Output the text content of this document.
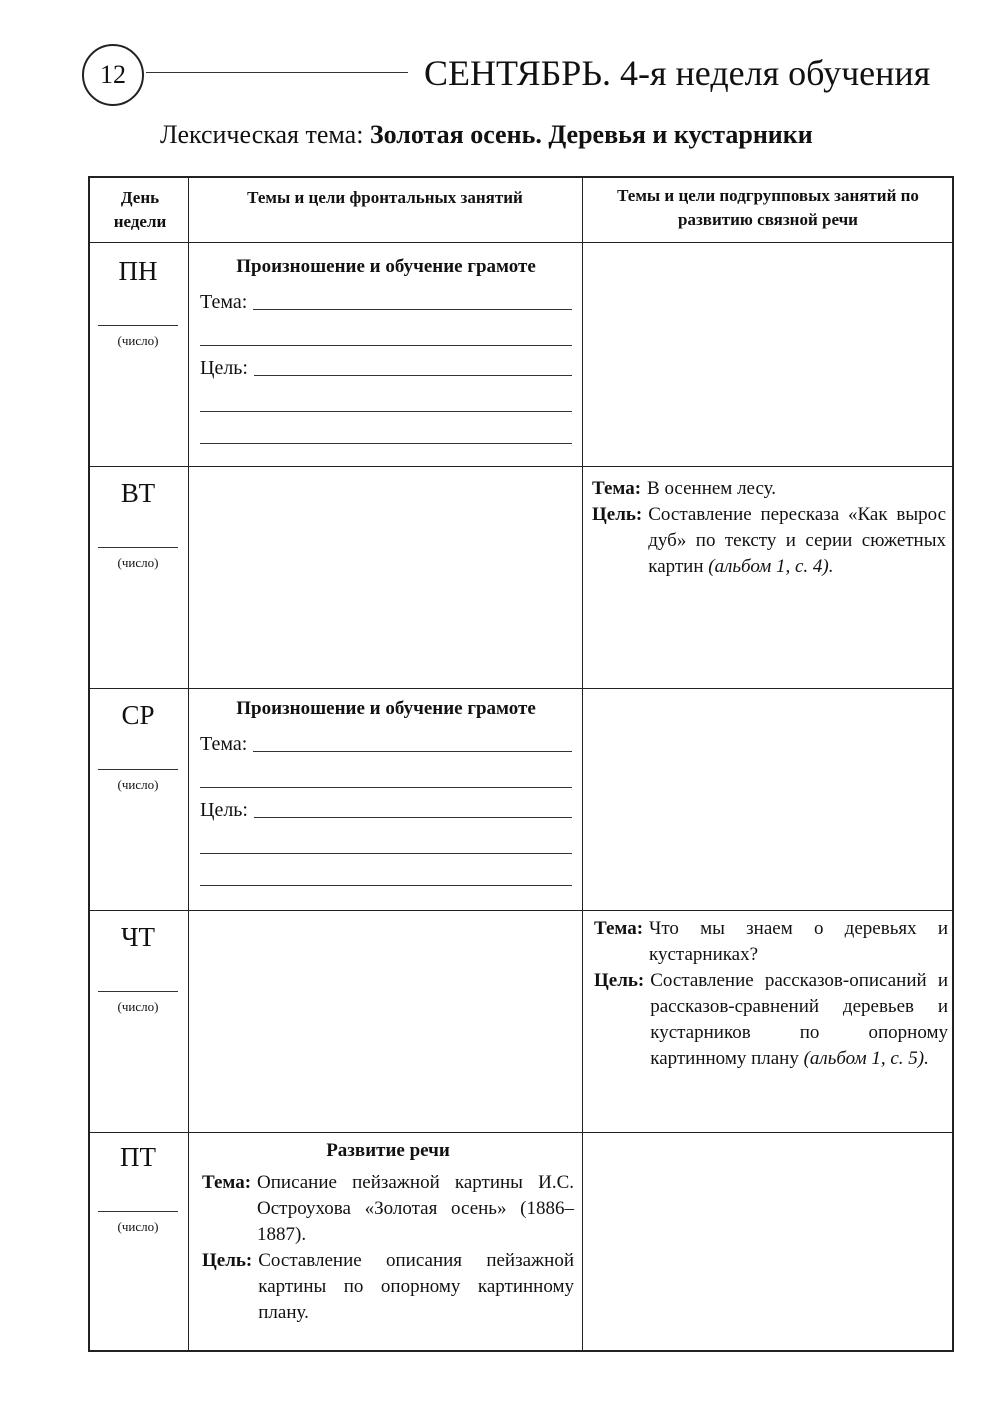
12	СЕНТЯБРЬ. 4-я неделя обучения
Лексическая тема: Золотая осень. Деревья и кустарники
День недели
Темы и цели фронтальных занятий	Темы и цели подгрупповых занятий по развитию связной речи
ПН
(число)
Произношение и обучение грамоте
Тема:
Цель:
ВТ
(число)
Тема: В осеннем лесу.
Цель: Составление пересказа «Как вырос дуб» по тексту и серии сюжетных картин (альбом 1, с. 4).
СР
(число)
Произношение и обучение грамоте
Тема:
Цель:
ЧТ
(число)
Тема: Что мы знаем о деревьях и кустарниках?
Цель: Составление рассказов-описаний и рассказов-сравнений деревьев и кустарников по опорному картинному плану (альбом 1, с. 5).
ПТ
(число)
Развитие речи
Тема: Описание пейзажной картины И.С. Остроухова «Золотая осень» (1886–1887).
Цель: Составление описания пейзажной картины по опорному картинному плану.
